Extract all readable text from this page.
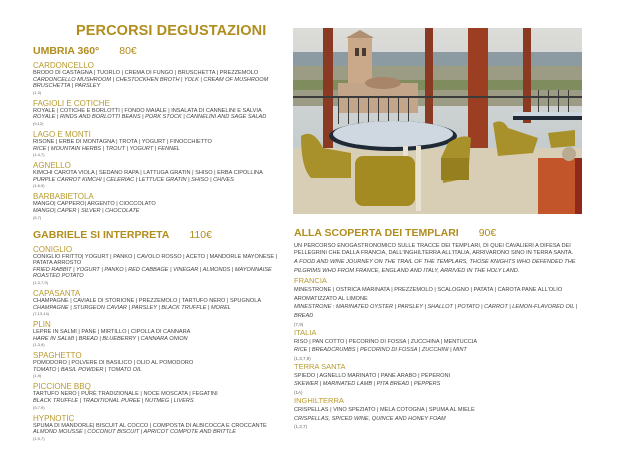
PERCORSI DEGUSTAZIONI
UMBRIA 360° 80€
CARDONCELLO
BRODO DI CASTAGNA | TUORLO | CREMA DI FUNGO | BRUSCHETTA | PREZZEMOLO
CARDONCELLO MUSHROOM | CHESTOCKHEN BROTH | YOLK | CREAM OF MUSHROOM BRUSCHETTA | PARSLEY
(1,3)
FAGIOLI E COTICHE
ROYALE | COTICHE E BORLOTTI | FONDO MAIALE | INSALATA DI CANNELINI E SALVIA
ROYALE | RINDS AND BORLOTTI BEANS | PORK STOCK | CANNELINI AND SAGE SALAD
(9,12)
LAGO E MONTI
RISONE | ERBE DI MONTAGNA | TROTA | YOGURT | FINOCCHIETTO
RICE | MOUNTAIN HERBS | TROUT | YOGURT | FENNEL
(1,4,7)
AGNELLO
KIMCHI CAROTA VIOLA | SEDANO RAPA | LATTUGA GRATIN | SHISO | ERBA CIPOLLINA
PURPLE CARROT KIMCHI | CELERIAC | LETTUCE GRATIN | SHISO | CHIVES
(1,6,9)
BARBABIETOLA
MANGO| CAPPERO| ARGENTO | CIOCCOLATO
MANGO| CAPER | SILVER | CHOCOLATE
(5,7)
GABRIELE SI INTERPRETA 110€
CONIGLIO
CONIGLIO FRITTO| YOGURT | PANKO | CAVOLO ROSSO | ACETO | MANDORLE MAYONESE | PATATA ARROSTO
FRIED RABBIT | YOGURT | PANKO | RED CABBAGE | VINEGAR | ALMONDS | MAYONNAISE ROASTED POTATO
(1,3,7,9)
CAPASANTA
CHAMPAGNE | CAVIALE DI STORIONE | PREZZEMOLO | TARTUFO NERO | SPUGNOLA
CHAMPAGNE | STURGEON CAVIAR | PARSLEY | BLACK TRUFFLE | MOREL
(7,13,14)
PLIN
LEPRE IN SALMI | PANE | MIRTILLO | CIPOLLA DI CANNARA
HARE IN SALMI | BREAD | BLUEBERRY | CANNARA ONION
(1,3,9)
SPAGHETTO
POMODORO | POLVERE DI BASILICO | OLIO AL POMODORO
TOMATO | BASIL POWDER | TOMATO OIL
(1,9)
PICCIONE BBQ
TARTUFO NERO | PURÈ TRADIZIONALE | NOCE MOSCATA | FEGATINI
BLACK TRUFFLE | TRADITIONAL PUREE | NUTMEG | LIVERS
(5,7,9)
HYPNOTIC
SPUMA DI MANDORLE| BISCUIT AL COCCO | COMPOSTA DI ALBICOCCA E CROCCANTE
ALMOND MOUSSE | COCONUT BISCUIT | APRICOT COMPOTE AND BRITTLE
(1,5,7)
ALLA SCOPERTA DEI TEMPLARI 90€
UN PERCORSO ENOGASTRONOMICO SULLE TRACCE DEI TEMPLARI, DI QUEI CAVALIERI A DIFESA DEI PELLEGRINI CHE DALLA FRANCIA, DALL'INGHILTERRA ALL'ITALIA, ARRIVARONO SINO IN TERRA SANTA.
A FOOD AND WINE JOURNEY ON THE TRAIL OF THE TEMPLARS, THOSE KNIGHTS WHO DEFENDED THE PILGRIMS WHO FROM FRANCE, ENGLAND AND ITALY, ARRIVED IN THE HOLY LAND.
FRANCIA
MINESTRONE | OSTRICA MARINATA | PREZZEMOLO | SCALOGNO | PATATA | CAROTA PANE ALL'OLIO AROMATIZZATO AL LIMONE
MINESTRONE : MARINATED OYSTER | PARSLEY | SHALLOT | POTATO | CARROT | LEMON-FLAVORED OIL | BREAD
(7,9)
ITALIA
RISO | PAN COTTO | PECORINO DI FOSSA | ZUCCHINA | MENTUCCIA
RICE | BREADCRUMBS | PECORINO DI FOSSA | ZUCCHINI | MINT
(1,3,7,9)
TERRA SANTA
SPIEDO | AGNELLO MARINATO | PANE ARABO | PEPERONI
SKEWER | MARINATED LAMB | PITA BREAD | PEPPERS
(1A)
INGHILTERRA
CRISPELLAS | VINO SPEZIATO | MELA COTOGNA | SPUMA AL MIELE
CRISPELLAS, SPICED WINE, QUINCE AND HONEY FOAM
(1,3,7)
